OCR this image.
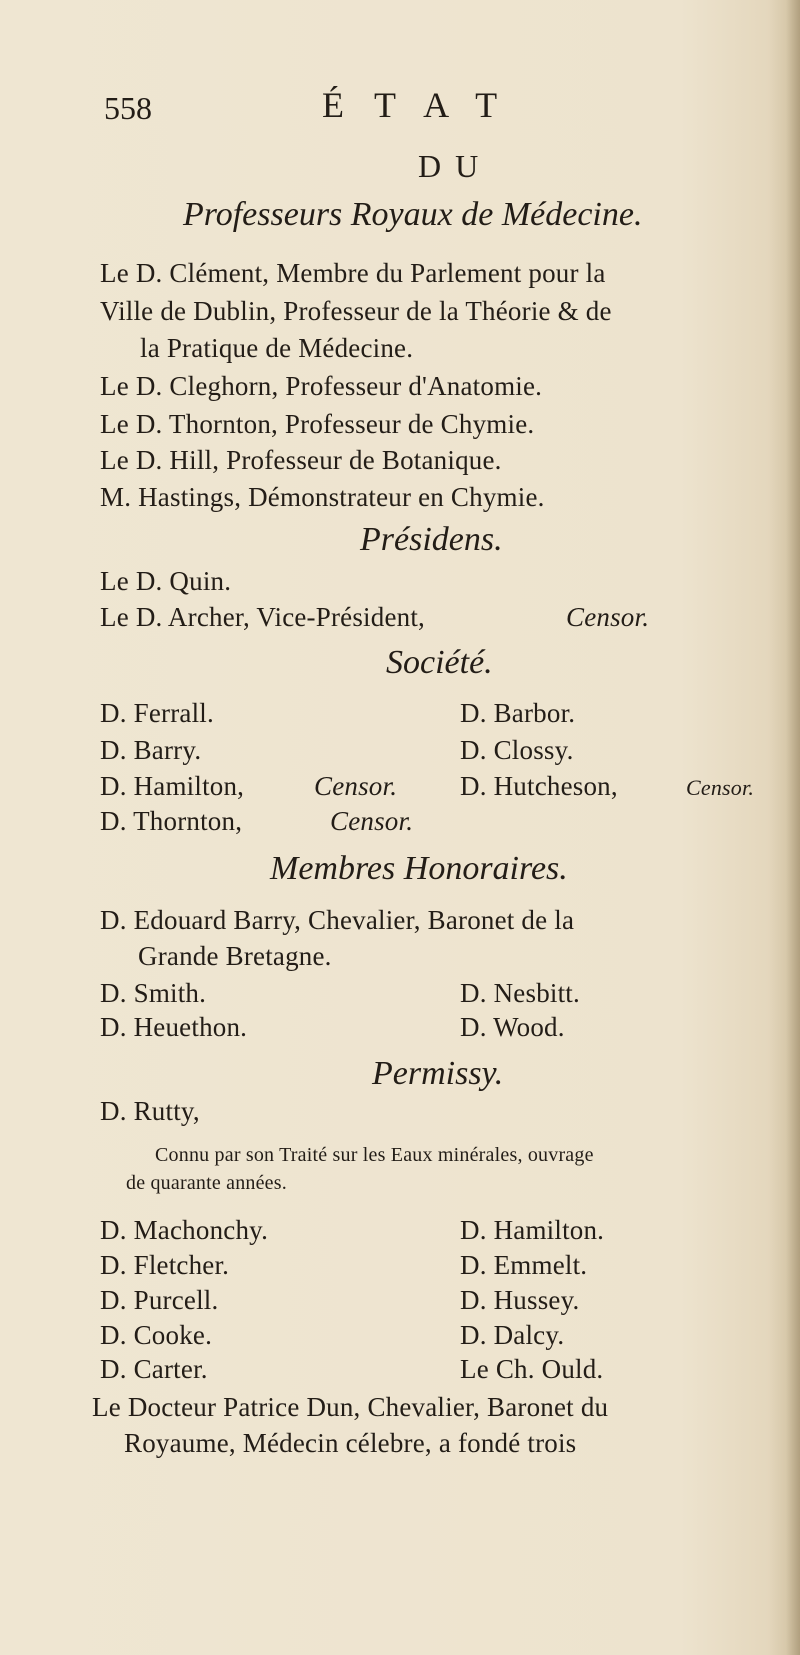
558	ÉTAT
DU
Professeurs Royaux de Médecine.
Le D. Clément, Membre du Parlement pour la
Ville de Dublin, Professeur de la Théorie & de
la Pratique de Médecine.
Le D. Cleghorn, Professeur d'Anatomie.
Le D. Thornton, Professeur de Chymie.
Le D. Hill, Professeur de Botanique.
M. Hastings, Démonstrateur en Chymie.
Présidens.
Le D. Quin.
Le D. Archer, Vice-Président,	Censor.
Société.
D. Ferrall.	D. Barbor.
D. Barry.	D. Clossy.
D. Hamilton,	Censor. D. Hutcheson,	Censor.
D. Thornton,	Censor.
Membres Honoraires.
D. Edouard Barry, Chevalier, Baronet de la
Grande Bretagne.
D. Smith.	D. Nesbitt.
D. Heuethon.	D. Wood.
Permissy.
D. Rutty,
Connu par son Traité sur les Eaux minérales, ouvrage
de quarante années.
D. Machonchy.	D. Hamilton.
D. Fletcher.	D. Emmelt.
D. Purcell.	D. Hussey.
D. Cooke.	D. Dalcy.
D. Carter.	Le Ch. Ould.
Le Docteur Patrice Dun, Chevalier, Baronet du
Royaume, Médecin célebre, a fondé trois
